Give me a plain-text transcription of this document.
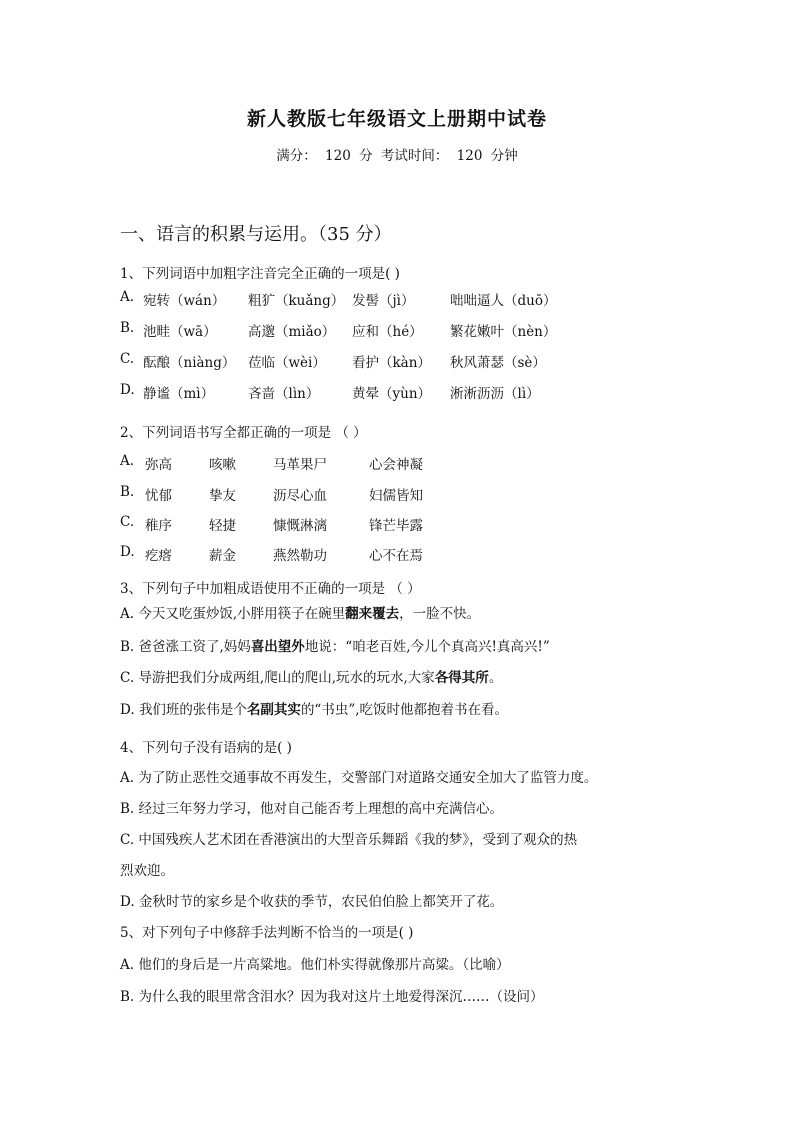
新人教版七年级语文上册期中试卷
满分： 120 分 考试时间： 120 分钟
一、语言的积累与运用。（35 分）
1、下列词语中加粗字注音完全正确的一项是( )
A. 宛转（wán） 粗犷（kuǎng） 发髻（jì）	咄咄逼人（duō）
B. 池畦（wā） 高邈（miǎo） 应和（hé） 繁花嫩叶（nèn）
C. 酝酿（niàng） 莅临（wèi） 看护（kàn） 秋风萧瑟（sè）
D. 静谧（mì）	吝啬（lìn） 黄晕（yùn） 淅淅沥沥（lì）
2、下列词语书写全都正确的一项是 （ ）
A. 弥高	咳嗽	马革果尸	心会神凝
B. 忧郁	挚友	沥尽心血	妇儒皆知
C. 稚序	轻捷	慷慨淋漓	锋芒毕露
D. 疙瘩	薪金	燕然勒功	心不在焉
3、下列句子中加粗成语使用不正确的一项是 （ ）
A. 今天又吃蛋炒饭,小胖用筷子在碗里翻来覆去，一脸不快。
B. 爸爸涨工资了,妈妈喜出望外地说：“咱老百姓,今儿个真高兴!真高兴!”
C. 导游把我们分成两组,爬山的爬山,玩水的玩水,大家各得其所。
D. 我们班的张伟是个名副其实的“书虫”,吃饭时他都抱着书在看。
4、下列句子没有语病的是( )
A. 为了防止恶性交通事故不再发生，交警部门对道路交通安全加大了监管力度。
B. 经过三年努力学习，他对自己能否考上理想的高中充满信心。
C. 中国残疾人艺术团在香港演出的大型音乐舞蹈《我的梦》，受到了观众的热
烈欢迎。
D. 金秋时节的家乡是个收获的季节，农民伯伯脸上都笑开了花。
5、对下列句子中修辞手法判断不恰当的一项是( )
A. 他们的身后是一片高粱地。他们朴实得就像那片高粱。（比喻）
B. 为什么我的眼里常含泪水？因为我对这片土地爱得深沉……（设问）
